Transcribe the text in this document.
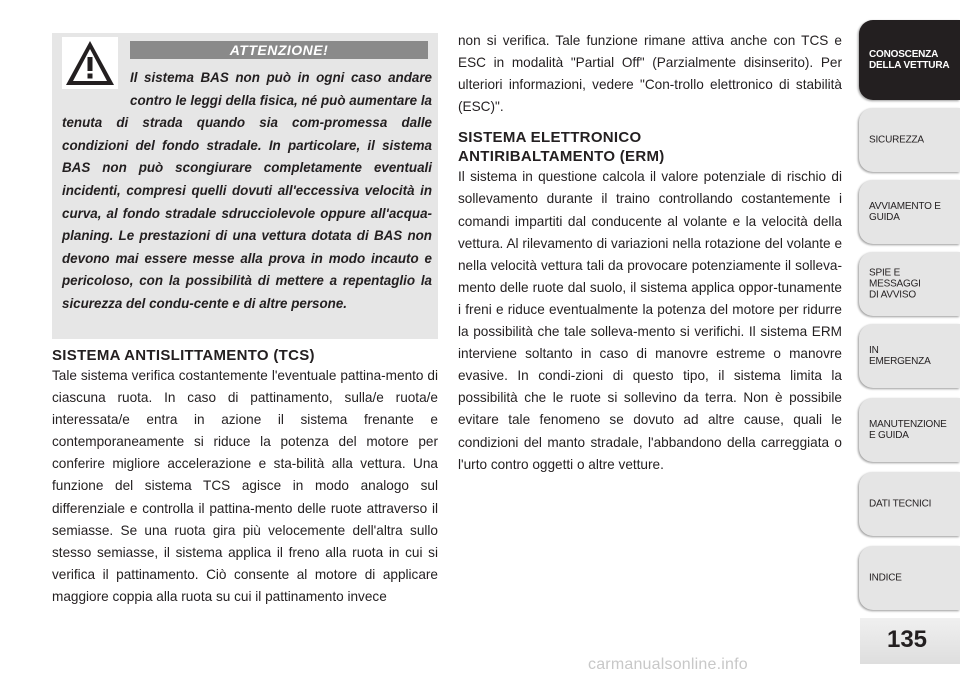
ATTENZIONE!

Il sistema BAS non può in ogni caso andare contro le leggi della fisica, né può aumentare la tenuta di strada quando sia com-promessa dalle condizioni del fondo stradale. In particolare, il sistema BAS non può scongiurare completamente eventuali incidenti, compresi quelli dovuti all'eccessiva velocità in curva, al fondo stradale sdrucciolevole oppure all'acqua-planing. Le prestazioni di una vettura dotata di BAS non devono mai essere messe alla prova in modo incauto e pericoloso, con la possibilità di mettere a repentaglio la sicurezza del condu-cente e di altre persone.

SISTEMA ANTISLITTAMENTO (TCS)

Tale sistema verifica costantemente l'eventuale pattina-mento di ciascuna ruota. In caso di pattinamento, sulla/e ruota/e interessata/e entra in azione il sistema frenante e contemporaneamente si riduce la potenza del motore per conferire migliore accelerazione e sta-bilità alla vettura. Una funzione del sistema TCS agisce in modo analogo sul differenziale e controlla il pattina-mento delle ruote attraverso il semiasse. Se una ruota gira più velocemente dell'altra sullo stesso semiasse, il sistema applica il freno alla ruota in cui si verifica il pattinamento. Ciò consente al motore di applicare maggiore coppia alla ruota su cui il pattinamento invece

non si verifica. Tale funzione rimane attiva anche con TCS e ESC in modalità "Partial Off" (Parzialmente disinserito). Per ulteriori informazioni, vedere "Con-trollo elettronico di stabilità (ESC)".

SISTEMA ELETTRONICO
ANTIRIBALTAMENTO (ERM)

Il sistema in questione calcola il valore potenziale di rischio di sollevamento durante il traino controllando costantemente i comandi impartiti dal conducente al volante e la velocità della vettura. Al rilevamento di variazioni nella rotazione del volante e nella velocità vettura tali da provocare potenziamente il solleva-mento delle ruote dal suolo, il sistema applica oppor-tunamente i freni e riduce eventualmente la potenza del motore per ridurre la possibilità che tale solleva-mento si verifichi. Il sistema ERM interviene soltanto in caso di manovre estreme o manovre evasive. In condi-zioni di questo tipo, il sistema limita la possibilità che le ruote si sollevino da terra. Non è possibile evitare tale fenomeno se dovuto ad altre cause, quali le condizioni del manto stradale, l'abbandono della carreggiata o l'urto contro oggetti o altre vetture.

CONOSCENZA
DELLA VETTURA
SICUREZZA
AVVIAMENTO E
GUIDA
SPIE E
MESSAGGI
DI AVVISO
IN
EMERGENZA
MANUTENZIONE
E GUIDA
DATI TECNICI
INDICE
135
carmanualsonline.info
